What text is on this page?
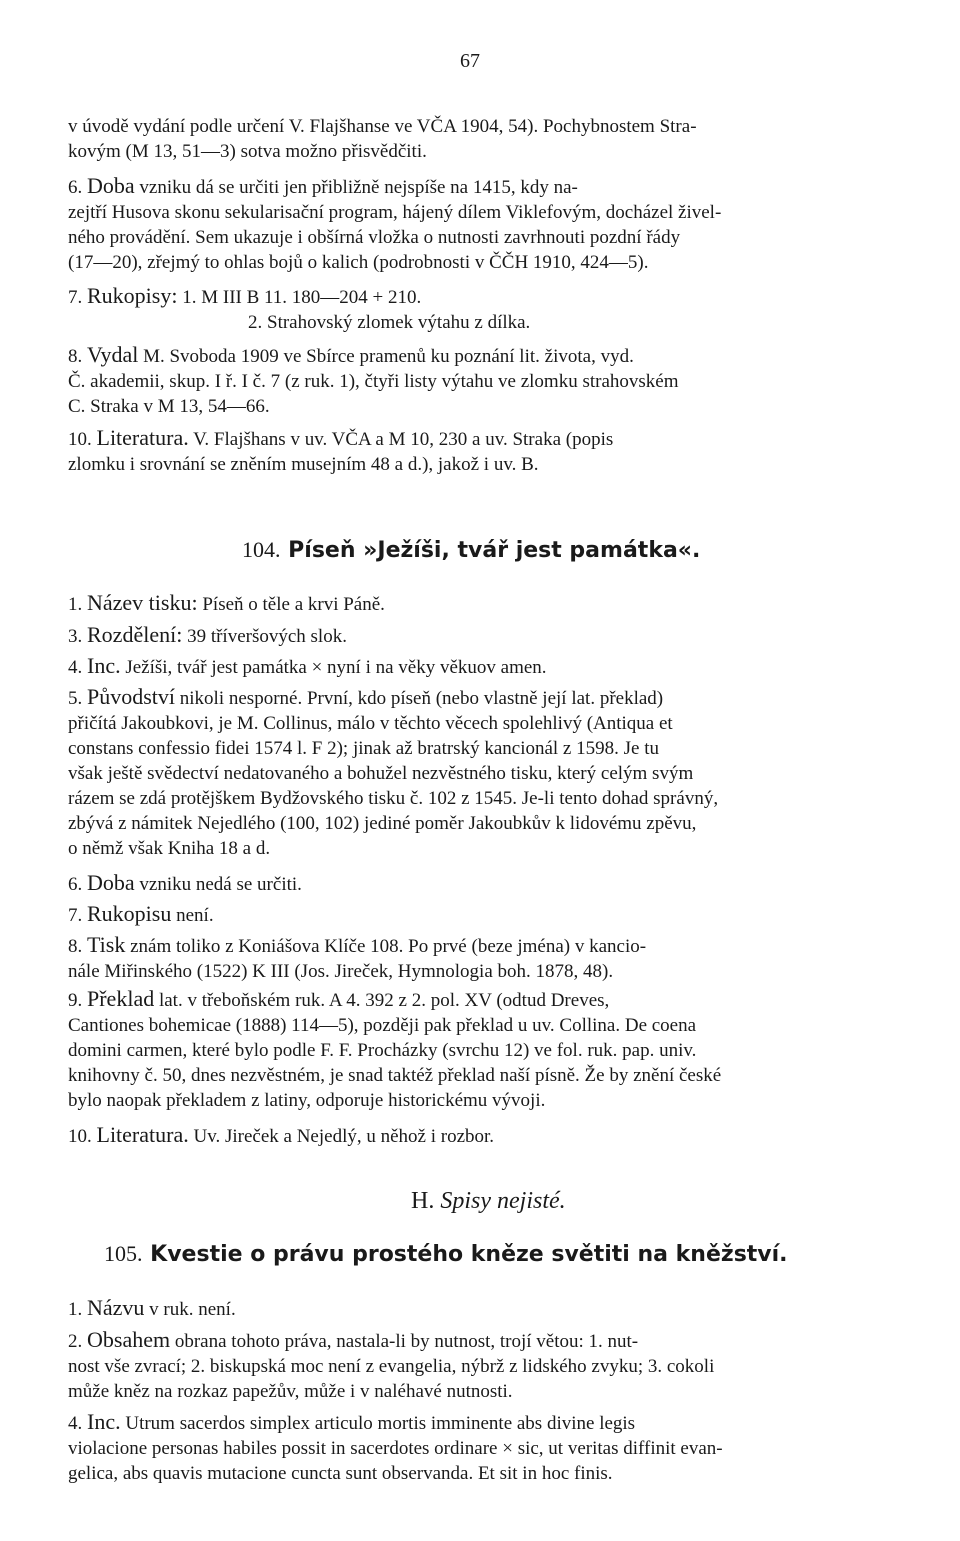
67

v úvodě vydání podle určení V. Flajšhanse ve VČA 1904, 54). Pochybnostem Stra-

kovým (M 13, 51—3) sotva možno přisvědčiti.

6. Doba vzniku dá se určiti jen přibližně nejspíše na 1415, kdy na-

zejtří Husova skonu sekularisační program, hájený dílem Viklefovým, docházel živel-

ného provádění. Sem ukazuje i obšírná vložka o nutnosti zavrhnouti pozdní řády

(17—20), zřejmý to ohlas bojů o kalich (podrobnosti v ČČH 1910, 424—5).

7. Rukopisy: 1. M III B 11. 180—204 + 210.

2. Strahovský zlomek výtahu z dílka.

8. Vydal M. Svoboda 1909 ve Sbírce pramenů ku poznání lit. života, vyd.

Č. akademii, skup. I ř. I č. 7 (z ruk. 1), čtyři listy výtahu ve zlomku strahovském

C. Straka v M 13, 54—66.

10. Literatura. V. Flajšhans v uv. VČA a M 10, 230 a uv. Straka (popis

zlomku i srovnání se zněním musejním 48 a d.), jakož i uv. B.

104. Píseň »Ježíši, tvář jest památka«.

1. Název tisku: Píseň o těle a krvi Páně.

3. Rozdělení: 39 tříveršových slok.

4. Inc. Ježíši, tvář jest památka × nyní i na věky věkuov amen.

5. Původství nikoli nesporné. První, kdo píseň (nebo vlastně její lat. překlad)

přičítá Jakoubkovi, je M. Collinus, málo v těchto věcech spolehlivý (Antiqua et

constans confessio fidei 1574 l. F 2); jinak až bratrský kancionál z 1598. Je tu

však ještě svědectví nedatovaného a bohužel nezvěstného tisku, který celým svým

rázem se zdá protějškem Bydžovského tisku č. 102 z 1545. Je-li tento dohad správný,

zbývá z námitek Nejedlého (100, 102) jediné poměr Jakoubkův k lidovému zpěvu,

o němž však Kniha 18 a d.

6. Doba vzniku nedá se určiti.

7. Rukopisu není.

8. Tisk znám toliko z Koniášova Klíče 108. Po prvé (beze jména) v kancio-

nále Miřinského (1522) K III (Jos. Jireček, Hymnologia boh. 1878, 48).

9. Překlad lat. v třeboňském ruk. A 4. 392 z 2. pol. XV (odtud Dreves,

Cantiones bohemicae (1888) 114—5), později pak překlad u uv. Collina. De coena

domini carmen, které bylo podle F. F. Procházky (svrchu 12) ve fol. ruk. pap. univ.

knihovny č. 50, dnes nezvěstném, je snad taktéž překlad naší písně. Že by znění české

bylo naopak překladem z latiny, odporuje historickému vývoji.

10. Literatura. Uv. Jireček a Nejedlý, u něhož i rozbor.

H. Spisy nejisté.
105. Kvestie o právu prostého kněze světiti na kněžství.

1. Názvu v ruk. není.

2. Obsahem obrana tohoto práva, nastala-li by nutnost, trojí větou: 1. nut-

nost vše zvrací; 2. biskupská moc není z evangelia, nýbrž z lidského zvyku; 3. cokoli

může kněz na rozkaz papežův, může i v naléhavé nutnosti.

4. Inc. Utrum sacerdos simplex articulo mortis imminente abs divine legis

violacione personas habiles possit in sacerdotes ordinare × sic, ut veritas diffinit evan-

gelica, abs quavis mutacione cuncta sunt observanda. Et sit in hoc finis.
